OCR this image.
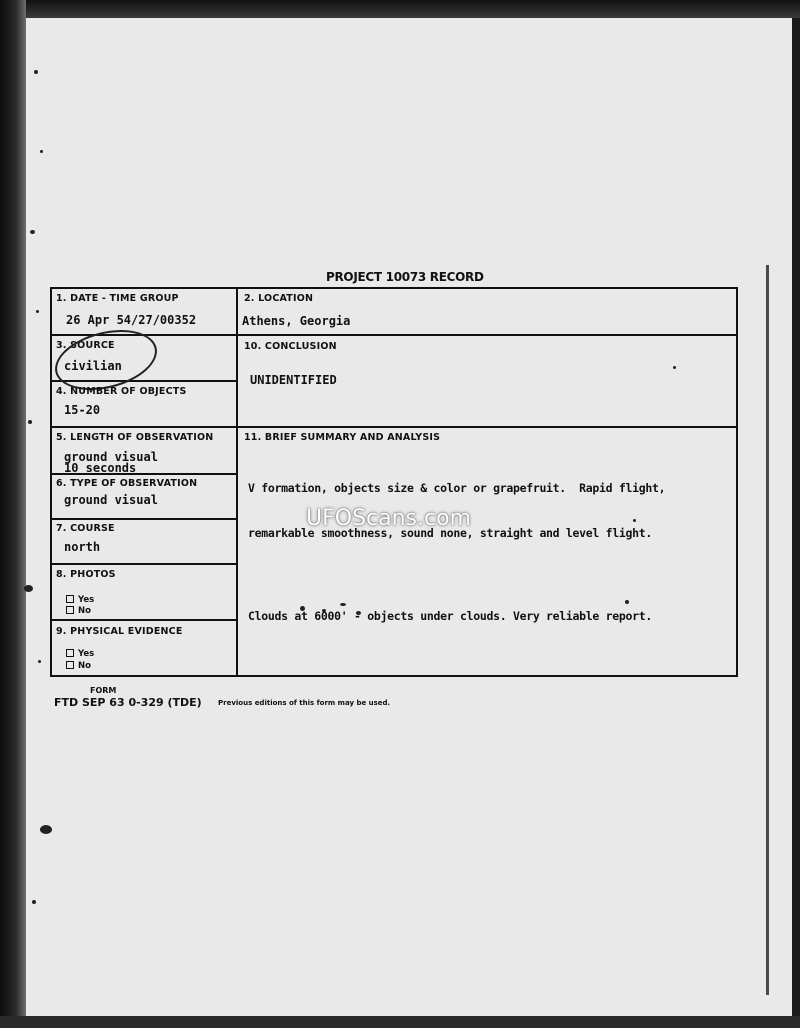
PROJECT 10073 RECORD
1. DATE - TIME GROUP
26 Apr 54/27/00352
3. SOURCE
civilian
4. NUMBER OF OBJECTS
15-20
5. LENGTH OF OBSERVATION
ground visual
10 seconds
6. TYPE OF OBSERVATION
ground visual
7. COURSE
north
8. PHOTOS
Yes
No
9. PHYSICAL EVIDENCE
Yes
No
2. LOCATION
Athens, Georgia
10. CONCLUSION
UNIDENTIFIED
11. BRIEF SUMMARY AND ANALYSIS

V formation, objects size & color or grapefruit.  Rapid flight,

remarkable smoothness, sound none, straight and level flight.

Clouds at 6000' - objects under clouds. Very reliable report.

UFOScans.com
FORM
FTD SEP 63 0-329 (TDE) Previous editions of this form may be used.
